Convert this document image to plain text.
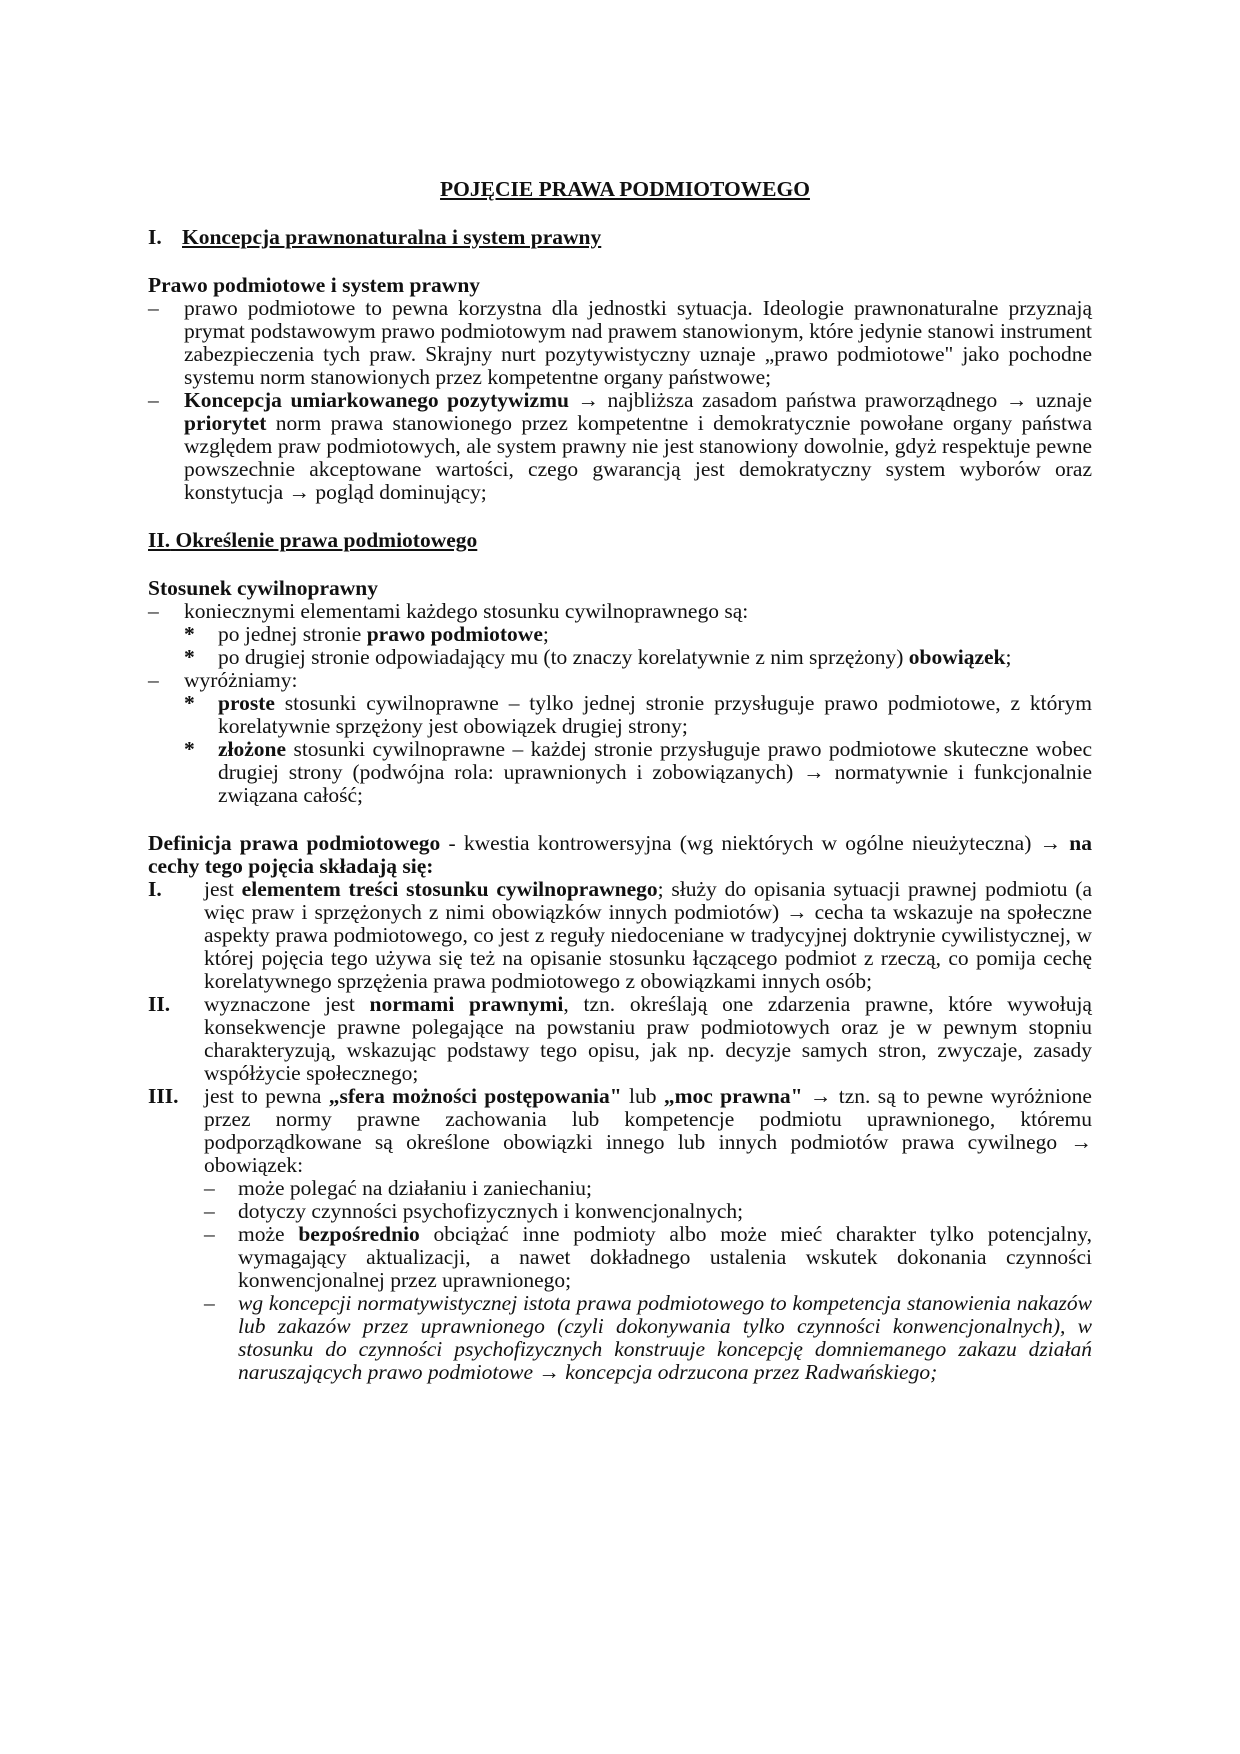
POJĘCIE PRAWA PODMIOTOWEGO

I. Koncepcja prawnonaturalna i system prawny

Prawo podmiotowe i system prawny

–	prawo podmiotowe to pewna korzystna dla jednostki sytuacja. Ideologie prawnonaturalne przyznają prymat podstawowym prawo podmiotowym nad prawem stanowionym, które jedynie stanowi instrument zabezpieczenia tych praw. Skrajny nurt pozytywistyczny uznaje „prawo podmiotowe" jako pochodne systemu norm stanowionych przez kompetentne organy państwowe;
–	Koncepcja umiarkowanego pozytywizmu → najbliższa zasadom państwa praworządnego → uznaje priorytet norm prawa stanowionego przez kompetentne i demokratycznie powołane organy państwa względem praw podmiotowych, ale system prawny nie jest stanowiony dowolnie, gdyż respektuje pewne powszechnie akceptowane wartości, czego gwarancją jest demokratyczny system wyborów oraz konstytucja → pogląd dominujący;

II. Określenie prawa podmiotowego

Stosunek cywilnoprawny

–	koniecznymi elementami każdego stosunku cywilnoprawnego są:
*	po jednej stronie prawo podmiotowe;
*	po drugiej stronie odpowiadający mu (to znaczy korelatywnie z nim sprzężony) obowiązek;
–	wyróżniamy:
*	proste stosunki cywilnoprawne – tylko jednej stronie przysługuje prawo podmiotowe, z którym korelatywnie sprzężony jest obowiązek drugiej strony;
*	złożone stosunki cywilnoprawne – każdej stronie przysługuje prawo podmiotowe skuteczne wobec drugiej strony (podwójna rola: uprawnionych i zobowiązanych) → normatywnie i funkcjonalnie związana całość;

Definicja prawa podmiotowego - kwestia kontrowersyjna (wg niektórych w ogólne nieużyteczna) → na cechy tego pojęcia składają się:

I.	jest elementem treści stosunku cywilnoprawnego; służy do opisania sytuacji prawnej podmiotu (a więc praw i sprzężonych z nimi obowiązków innych podmiotów) → cecha ta wskazuje na społeczne aspekty prawa podmiotowego, co jest z reguły niedoceniane w tradycyjnej doktrynie cywilistycznej, w której pojęcia tego używa się też na opisanie stosunku łączącego podmiot z rzeczą, co pomija cechę korelatywnego sprzężenia prawa podmiotowego z obowiązkami innych osób;
II.	wyznaczone jest normami prawnymi, tzn. określają one zdarzenia prawne, które wywołują konsekwencje prawne polegające na powstaniu praw podmiotowych oraz je w pewnym stopniu charakteryzują, wskazując podstawy tego opisu, jak np. decyzje samych stron, zwyczaje, zasady współżycie społecznego;
III.	jest to pewna „sfera możności postępowania" lub „moc prawna" → tzn. są to pewne wyróżnione przez normy prawne zachowania lub kompetencje podmiotu uprawnionego, któremu podporządkowane są określone obowiązki innego lub innych podmiotów prawa cywilnego → obowiązek:
–	może polegać na działaniu i zaniechaniu;
–	dotyczy czynności psychofizycznych i konwencjonalnych;
–	może bezpośrednio obciążać inne podmioty albo może mieć charakter tylko potencjalny, wymagający aktualizacji, a nawet dokładnego ustalenia wskutek dokonania czynności konwencjonalnej przez uprawnionego;
–	wg koncepcji normatywistycznej istota prawa podmiotowego to kompetencja stanowienia nakazów lub zakazów przez uprawnionego (czyli dokonywania tylko czynności konwencjonalnych), w stosunku do czynności psychofizycznych konstruuje koncepcję domniemanego zakazu działań naruszających prawo podmiotowe → koncepcja odrzucona przez Radwańskiego;
